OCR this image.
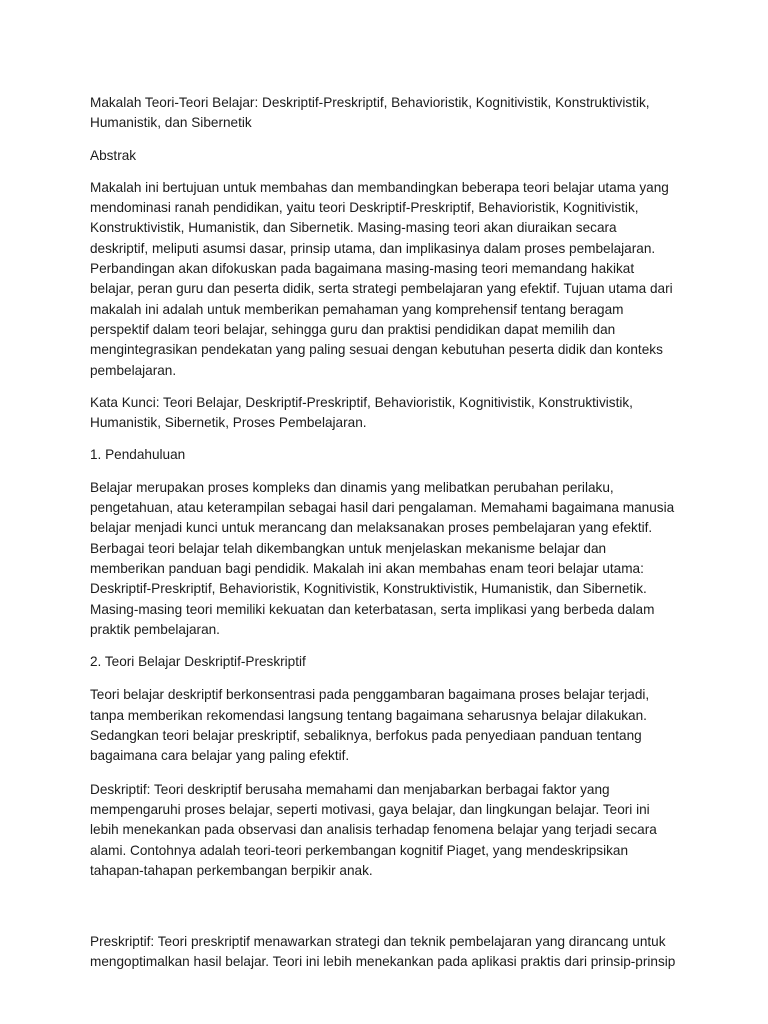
Makalah Teori-Teori Belajar: Deskriptif-Preskriptif, Behavioristik, Kognitivistik, Konstruktivistik, Humanistik, dan Sibernetik

Abstrak

Makalah ini bertujuan untuk membahas dan membandingkan beberapa teori belajar utama yang mendominasi ranah pendidikan, yaitu teori Deskriptif-Preskriptif, Behavioristik, Kognitivistik, Konstruktivistik, Humanistik, dan Sibernetik. Masing-masing teori akan diuraikan secara deskriptif, meliputi asumsi dasar, prinsip utama, dan implikasinya dalam proses pembelajaran. Perbandingan akan difokuskan pada bagaimana masing-masing teori memandang hakikat belajar, peran guru dan peserta didik, serta strategi pembelajaran yang efektif. Tujuan utama dari makalah ini adalah untuk memberikan pemahaman yang komprehensif tentang beragam perspektif dalam teori belajar, sehingga guru dan praktisi pendidikan dapat memilih dan mengintegrasikan pendekatan yang paling sesuai dengan kebutuhan peserta didik dan konteks pembelajaran.

Kata Kunci: Teori Belajar, Deskriptif-Preskriptif, Behavioristik, Kognitivistik, Konstruktivistik, Humanistik, Sibernetik, Proses Pembelajaran.

1. Pendahuluan

Belajar merupakan proses kompleks dan dinamis yang melibatkan perubahan perilaku, pengetahuan, atau keterampilan sebagai hasil dari pengalaman. Memahami bagaimana manusia belajar menjadi kunci untuk merancang dan melaksanakan proses pembelajaran yang efektif. Berbagai teori belajar telah dikembangkan untuk menjelaskan mekanisme belajar dan memberikan panduan bagi pendidik. Makalah ini akan membahas enam teori belajar utama: Deskriptif-Preskriptif, Behavioristik, Kognitivistik, Konstruktivistik, Humanistik, dan Sibernetik. Masing-masing teori memiliki kekuatan dan keterbatasan, serta implikasi yang berbeda dalam praktik pembelajaran.

2. Teori Belajar Deskriptif-Preskriptif

Teori belajar deskriptif berkonsentrasi pada penggambaran bagaimana proses belajar terjadi, tanpa memberikan rekomendasi langsung tentang bagaimana seharusnya belajar dilakukan. Sedangkan teori belajar preskriptif, sebaliknya, berfokus pada penyediaan panduan tentang bagaimana cara belajar yang paling efektif.

Deskriptif: Teori deskriptif berusaha memahami dan menjabarkan berbagai faktor yang mempengaruhi proses belajar, seperti motivasi, gaya belajar, dan lingkungan belajar. Teori ini lebih menekankan pada observasi dan analisis terhadap fenomena belajar yang terjadi secara alami. Contohnya adalah teori-teori perkembangan kognitif Piaget, yang mendeskripsikan tahapan-tahapan perkembangan berpikir anak.

Preskriptif: Teori preskriptif menawarkan strategi dan teknik pembelajaran yang dirancang untuk mengoptimalkan hasil belajar. Teori ini lebih menekankan pada aplikasi praktis dari prinsip-prinsip
